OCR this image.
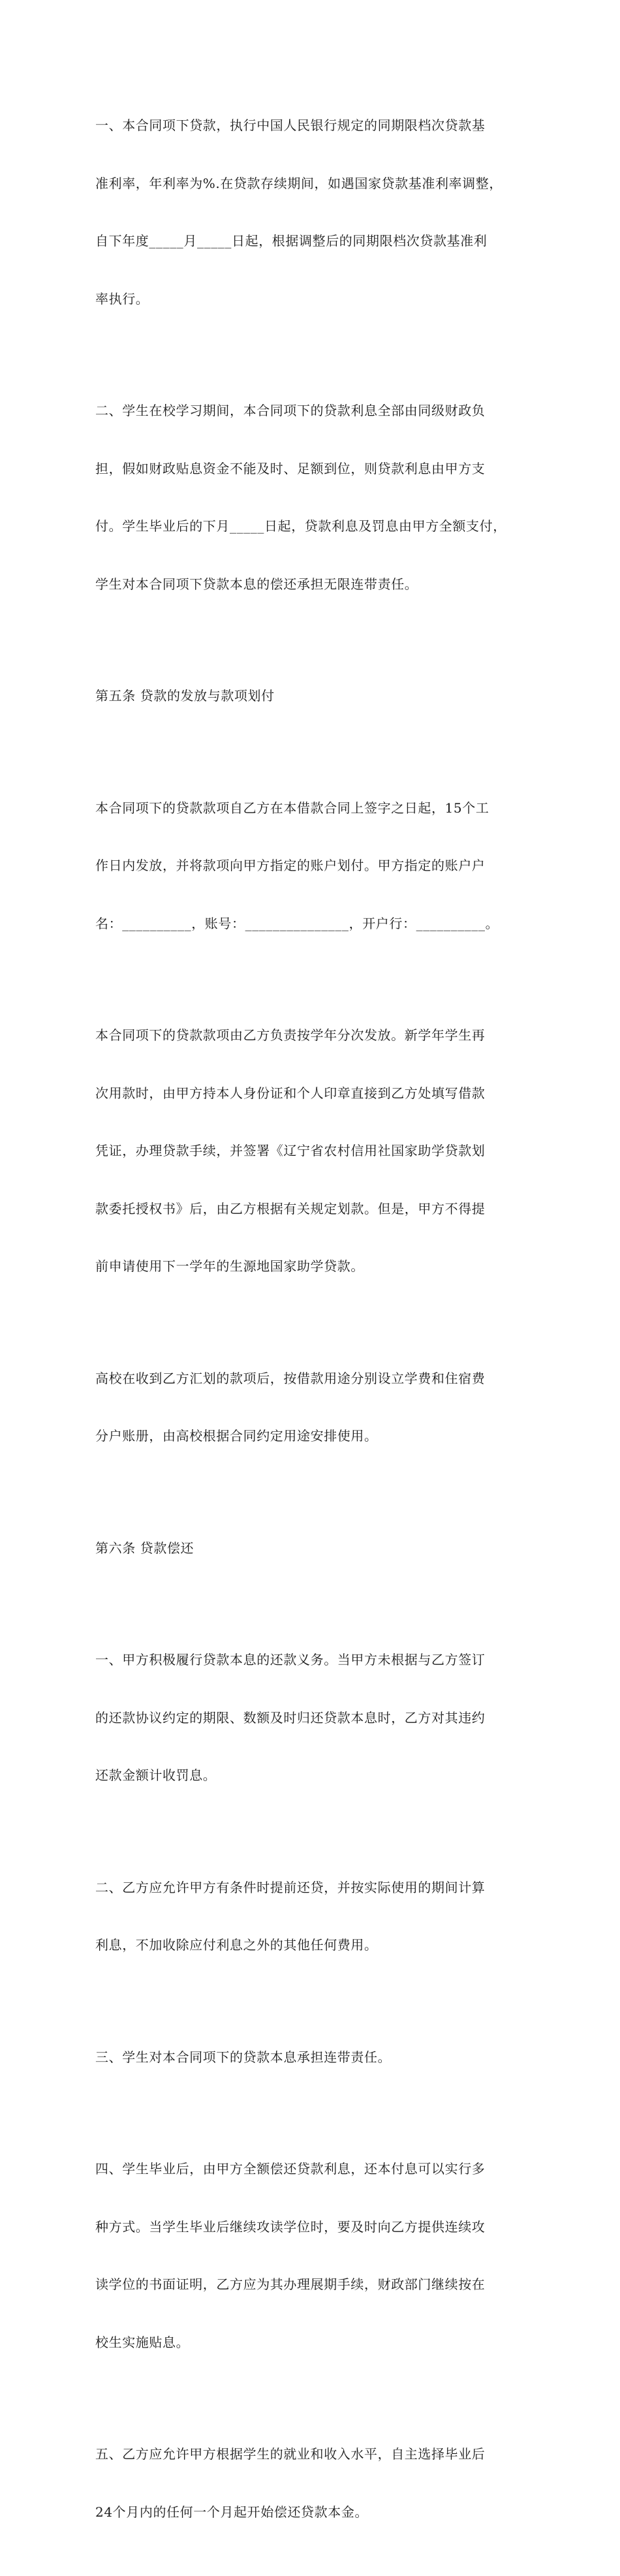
一、本合同项下贷款，执行中国人民银行规定的同期限档次贷款基

准利率，年利率为%.在贷款存续期间，如遇国家贷款基准利率调整，

自下年度_____月_____日起，根据调整后的同期限档次贷款基准利

率执行。

二、学生在校学习期间，本合同项下的贷款利息全部由同级财政负

担，假如财政贴息资金不能及时、足额到位，则贷款利息由甲方支

付。学生毕业后的下月_____日起，贷款利息及罚息由甲方全额支付，

学生对本合同项下贷款本息的偿还承担无限连带责任。

第五条 贷款的发放与款项划付

本合同项下的贷款款项自乙方在本借款合同上签字之日起，15个工

作日内发放，并将款项向甲方指定的账户划付。甲方指定的账户户

名：__________，账号：_______________，开户行：__________。

本合同项下的贷款款项由乙方负责按学年分次发放。新学年学生再

次用款时，由甲方持本人身份证和个人印章直接到乙方处填写借款

凭证，办理贷款手续，并签署《辽宁省农村信用社国家助学贷款划

款委托授权书》后，由乙方根据有关规定划款。但是，甲方不得提

前申请使用下一学年的生源地国家助学贷款。

高校在收到乙方汇划的款项后，按借款用途分别设立学费和住宿费

分户账册，由高校根据合同约定用途安排使用。

第六条 贷款偿还

一、甲方积极履行贷款本息的还款义务。当甲方未根据与乙方签订

的还款协议约定的期限、数额及时归还贷款本息时，乙方对其违约

还款金额计收罚息。

二、乙方应允许甲方有条件时提前还贷，并按实际使用的期间计算

利息，不加收除应付利息之外的其他任何费用。

三、学生对本合同项下的贷款本息承担连带责任。

四、学生毕业后，由甲方全额偿还贷款利息，还本付息可以实行多

种方式。当学生毕业后继续攻读学位时，要及时向乙方提供连续攻

读学位的书面证明，乙方应为其办理展期手续，财政部门继续按在

校生实施贴息。

五、乙方应允许甲方根据学生的就业和收入水平，自主选择毕业后

24个月内的任何一个月起开始偿还贷款本金。
